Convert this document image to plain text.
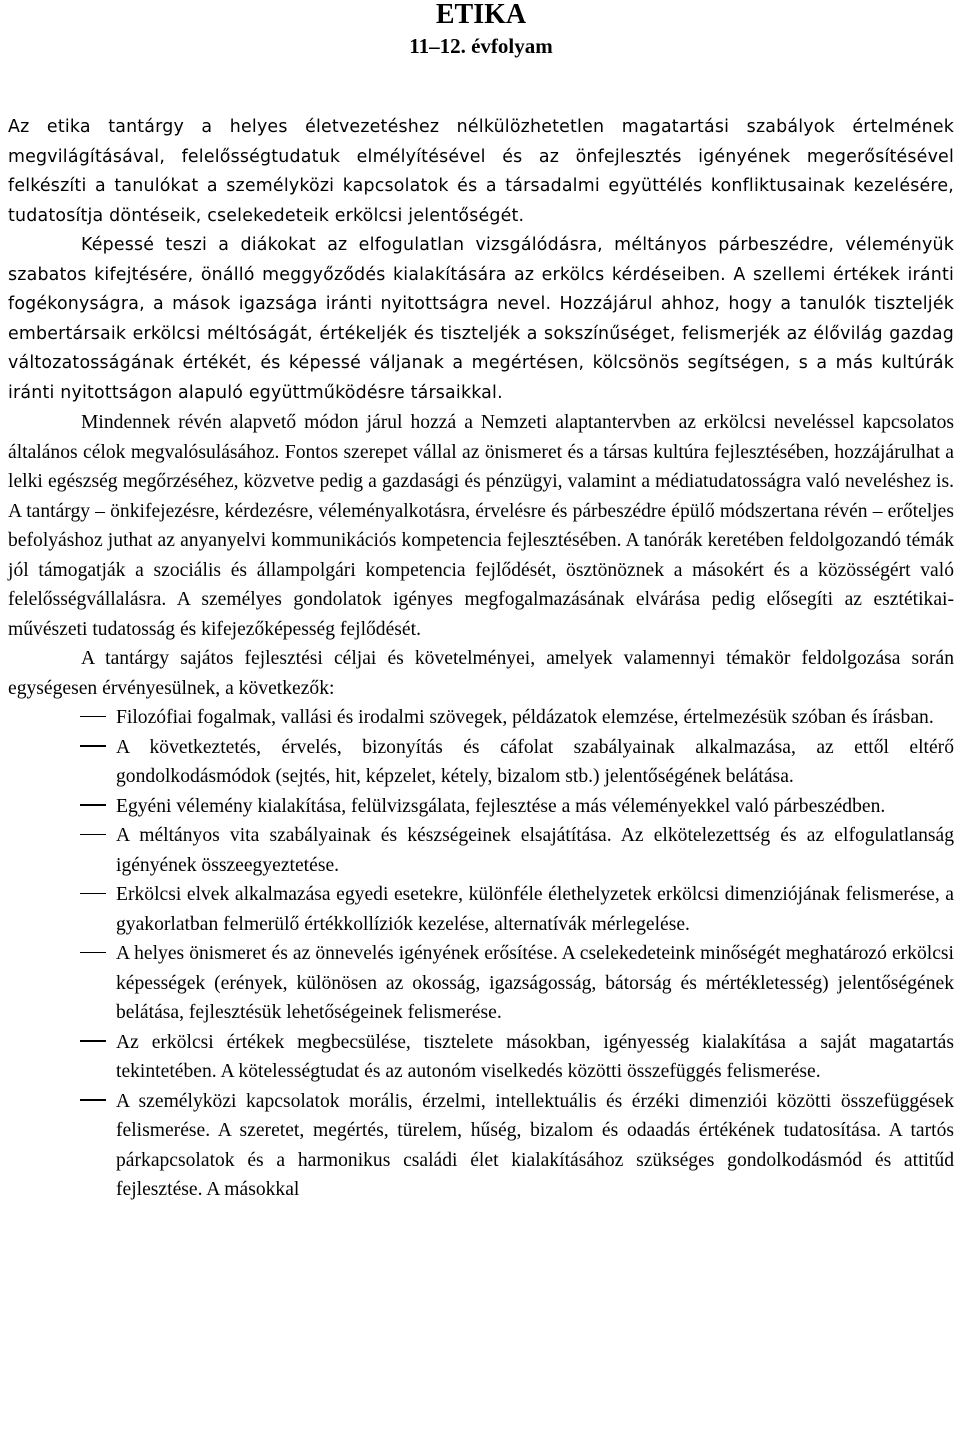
ETIKA
11–12. évfolyam

Az etika tantárgy a helyes életvezetéshez nélkülözhetetlen magatartási szabályok értelmének megvilágításával, felelősségtudatuk elmélyítésével és az önfejlesztés igényének megerősítésével felkészíti a tanulókat a személyközi kapcsolatok és a társadalmi együttélés konfliktusainak kezelésére, tudatosítja döntéseik, cselekedeteik erkölcsi jelentőségét.

Képessé teszi a diákokat az elfogulatlan vizsgálódásra, méltányos párbeszédre, véleményük szabatos kifejtésére, önálló meggyőződés kialakítására az erkölcs kérdéseiben. A szellemi értékek iránti fogékonyságra, a mások igazsága iránti nyitottságra nevel. Hozzájárul ahhoz, hogy a tanulók tiszteljék embertársaik erkölcsi méltóságát, értékeljék és tiszteljék a sokszínűséget, felismerjék az élővilág gazdag változatosságának értékét, és képessé váljanak a megértésen, kölcsönös segítségen, s a más kultúrák iránti nyitottságon alapuló együttműködésre társaikkal.

Mindennek révén alapvető módon járul hozzá a Nemzeti alaptantervben az erkölcsi neveléssel kapcsolatos általános célok megvalósulásához. Fontos szerepet vállal az önismeret és a társas kultúra fejlesztésében, hozzájárulhat a lelki egészség megőrzéséhez, közvetve pedig a gazdasági és pénzügyi, valamint a médiatudatosságra való neveléshez is. A tantárgy – önkifejezésre, kérdezésre, véleményalkotásra, érvelésre és párbeszédre épülő módszertana révén – erőteljes befolyáshoz juthat az anyanyelvi kommunikációs kompetencia fejlesztésében. A tanórák keretében feldolgozandó témák jól támogatják a szociális és állampolgári kompetencia fejlődését, ösztönöznek a másokért és a közösségért való felelősségvállalásra. A személyes gondolatok igényes megfogalmazásának elvárása pedig elősegíti az esztétikai-művészeti tudatosság és kifejezőképesség fejlődését.

A tantárgy sajátos fejlesztési céljai és követelményei, amelyek valamennyi témakör feldolgozása során egységesen érvényesülnek, a következők:

Filozófiai fogalmak, vallási és irodalmi szövegek, példázatok elemzése, értelmezésük szóban és írásban.
A következtetés, érvelés, bizonyítás és cáfolat szabályainak alkalmazása, az ettől eltérő gondolkodásmódok (sejtés, hit, képzelet, kétely, bizalom stb.) jelentőségének belátása.
Egyéni vélemény kialakítása, felülvizsgálata, fejlesztése a más véleményekkel való párbeszédben.
A méltányos vita szabályainak és készségeinek elsajátítása. Az elkötelezettség és az elfogulatlanság igényének összeegyeztetése.
Erkölcsi elvek alkalmazása egyedi esetekre, különféle élethelyzetek erkölcsi dimenziójának felismerése, a gyakorlatban felmerülő értékkollíziók kezelése, alternatívák mérlegelése.
A helyes önismeret és az önnevelés igényének erősítése. A cselekedeteink minőségét meghatározó erkölcsi képességek (erények, különösen az okosság, igazságosság, bátorság és mértékletesség) jelentőségének belátása, fejlesztésük lehetőségeinek felismerése.
Az erkölcsi értékek megbecsülése, tisztelete másokban, igényesség kialakítása a saját magatartás tekintetében. A kötelességtudat és az autonóm viselkedés közötti összefüggés felismerése.
A személyközi kapcsolatok morális, érzelmi, intellektuális és érzéki dimenziói közötti összefüggések felismerése. A szeretet, megértés, türelem, hűség, bizalom és odaadás értékének tudatosítása. A tartós párkapcsolatok és a harmonikus családi élet kialakításához szükséges gondolkodásmód és attitűd fejlesztése. A másokkal
